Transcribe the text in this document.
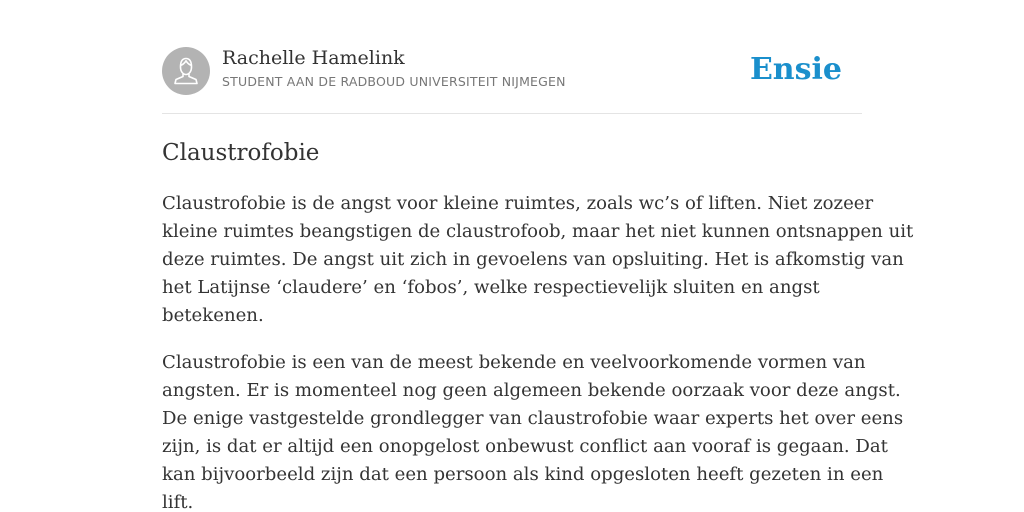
Rachelle Hamelink
STUDENT AAN DE RADBOUD UNIVERSITEIT NIJMEGEN	Ensie
Claustrofobie
Claustrofobie is de angst voor kleine ruimtes, zoals wc’s of liften. Niet zozeer
kleine ruimtes beangstigen de claustrofoob, maar het niet kunnen ontsnappen uit
deze ruimtes. De angst uit zich in gevoelens van opsluiting. Het is afkomstig van
het Latijnse ‘claudere’ en ‘fobos’, welke respectievelijk sluiten en angst
betekenen.
Claustrofobie is een van de meest bekende en veelvoorkomende vormen van
angsten. Er is momenteel nog geen algemeen bekende oorzaak voor deze angst.
De enige vastgestelde grondlegger van claustrofobie waar experts het over eens
zijn, is dat er altijd een onopgelost onbewust conflict aan vooraf is gegaan. Dat
kan bijvoorbeeld zijn dat een persoon als kind opgesloten heeft gezeten in een
lift.
